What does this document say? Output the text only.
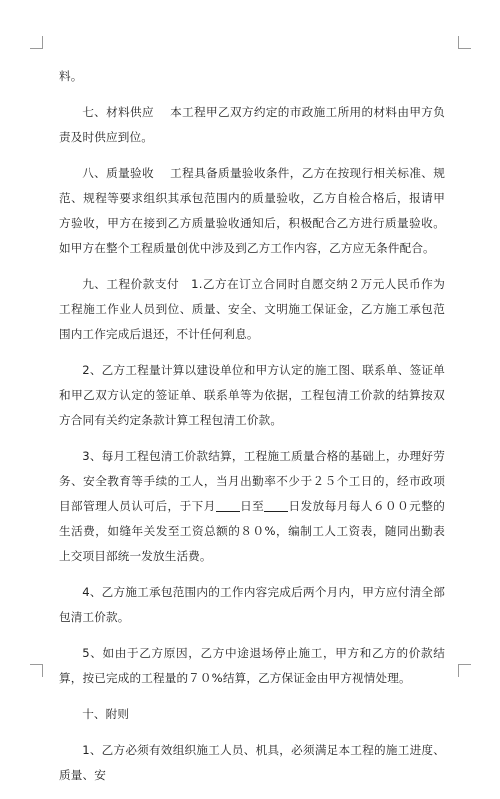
料。

七、材料供应 本工程甲乙双方约定的市政施工所用的材料由甲方负责及时供应到位。

八、质量验收 工程具备质量验收条件，乙方在按现行相关标准、规范、规程等要求组织其承包范围内的质量验收，乙方自检合格后，报请甲方验收，甲方在接到乙方质量验收通知后，积极配合乙方进行质量验收。如甲方在整个工程质量创优中涉及到乙方工作内容，乙方应无条件配合。

九、工程价款支付 1.乙方在订立合同时自愿交纳２万元人民币作为工程施工作业人员到位、质量、安全、文明施工保证金，乙方施工承包范围内工作完成后退还，不计任何利息。

2、乙方工程量计算以建设单位和甲方认定的施工图、联系单、签证单和甲乙双方认定的签证单、联系单等为依据，工程包清工价款的结算按双方合同有关约定条款计算工程包清工价款。

3、每月工程包清工价款结算，工程施工质量合格的基础上，办理好劳务、安全教育等手续的工人，当月出勤率不少于２５个工日的，经市政项目部管理人员认可后，于下月 日至 日发放每月每人６００元整的生活费，如缝年关发至工资总额的８０%，编制工人工资表，随同出勤表上交项目部统一发放生活费。

4、乙方施工承包范围内的工作内容完成后两个月内，甲方应付清全部包清工价款。

5、如由于乙方原因，乙方中途退场停止施工，甲方和乙方的价款结算，按已完成的工程量的７０%结算，乙方保证金由甲方视情处理。

十、附则

1、乙方必须有效组织施工人员、机具，必须满足本工程的施工进度、质量、安
